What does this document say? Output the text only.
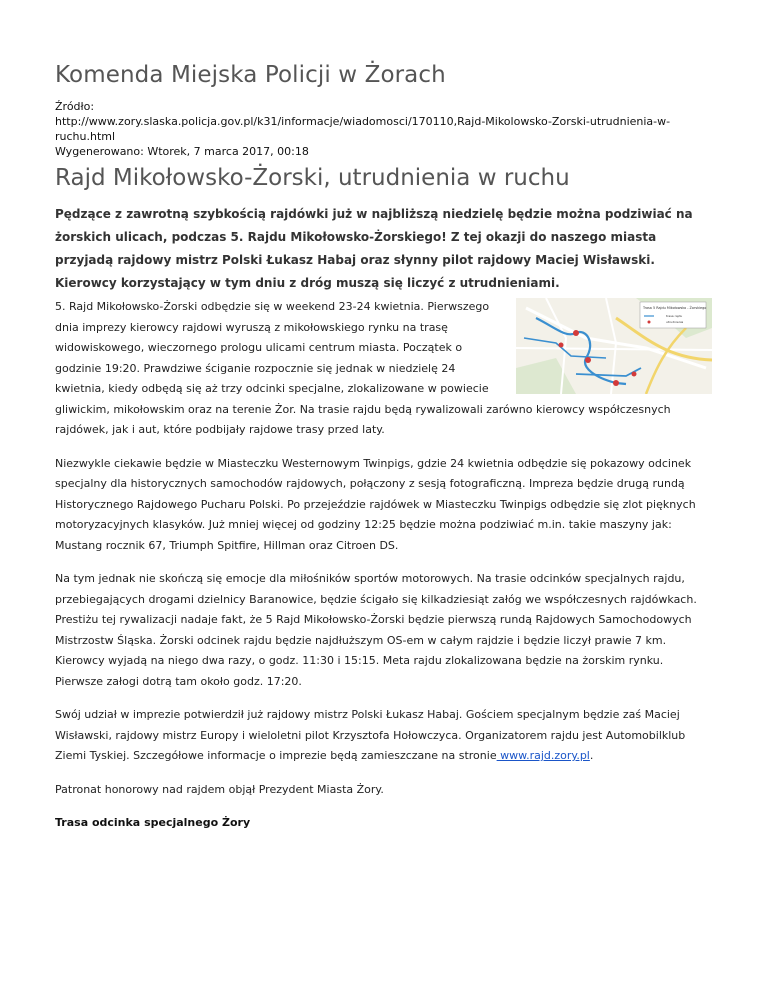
Komenda Miejska Policji w Żorach
Źródło:
http://www.zory.slaska.policja.gov.pl/k31/informacje/wiadomosci/170110,Rajd-Mikolowsko-Zorski-utrudnienia-w-ruchu.html
Wygenerowano: Wtorek, 7 marca 2017, 00:18
Rajd Mikołowsko-Żorski, utrudnienia w ruchu
Pędzące z zawrotną szybkością rajdówki już w najbliższą niedzielę będzie można podziwiać na żorskich ulicach, podczas 5. Rajdu Mikołowsko-Żorskiego! Z tej okazji do naszego miasta przyjadą rajdowy mistrz Polski Łukasz Habaj oraz słynny pilot rajdowy Maciej Wisławski. Kierowcy korzystający w tym dniu z dróg muszą się liczyć z utrudnieniami.
Trasa 5 Rajdu Mikołowsko - Żorskiego
trasa rajdu
utrudnienia

5. Rajd Mikołowsko-Żorski odbędzie się w weekend 23-24 kwietnia. Pierwszego dnia imprezy kierowcy rajdowi wyruszą z mikołowskiego rynku na trasę widowiskowego, wieczornego prologu ulicami centrum miasta. Początek o godzinie 19:20. Prawdziwe ściganie rozpocznie się jednak w niedzielę 24 kwietnia, kiedy odbędą się aż trzy odcinki specjalne, zlokalizowane w powiecie gliwickim, mikołowskim oraz na terenie Żor. Na trasie rajdu będą rywalizowali zarówno kierowcy współczesnych rajdówek, jak i aut, które podbijały rajdowe trasy przed laty.

Niezwykle ciekawie będzie w Miasteczku Westernowym Twinpigs, gdzie 24 kwietnia odbędzie się pokazowy odcinek specjalny dla historycznych samochodów rajdowych, połączony z sesją fotograficzną. Impreza będzie drugą rundą Historycznego Rajdowego Pucharu Polski. Po przejeździe rajdówek w Miasteczku Twinpigs odbędzie się zlot pięknych motoryzacyjnych klasyków. Już mniej więcej od godziny 12:25 będzie można podziwiać m.in. takie maszyny jak: Mustang rocznik 67, Triumph Spitfire, Hillman oraz Citroen DS.

Na tym jednak nie skończą się emocje dla miłośników sportów motorowych. Na trasie odcinków specjalnych rajdu, przebiegających drogami dzielnicy Baranowice, będzie ścigało się kilkadziesiąt załóg we współczesnych rajdówkach. Prestiżu tej rywalizacji nadaje fakt, że 5 Rajd Mikołowsko-Żorski będzie pierwszą rundą Rajdowych Samochodowych Mistrzostw Śląska. Żorski odcinek rajdu będzie najdłuższym OS-em w całym rajdzie i będzie liczył prawie 7 km. Kierowcy wyjadą na niego dwa razy, o godz. 11:30 i 15:15. Meta rajdu zlokalizowana będzie na żorskim rynku. Pierwsze załogi dotrą tam około godz. 17:20.

Swój udział w imprezie potwierdził już rajdowy mistrz Polski Łukasz Habaj. Gościem specjalnym będzie zaś Maciej Wisławski, rajdowy mistrz Europy i wieloletni pilot Krzysztofa Hołowczyca. Organizatorem rajdu jest Automobilklub Ziemi Tyskiej. Szczegółowe informacje o imprezie będą zamieszczane na stronie www.rajd.zory.pl.

Patronat honorowy nad rajdem objął Prezydent Miasta Żory.

Trasa odcinka specjalnego Żory
